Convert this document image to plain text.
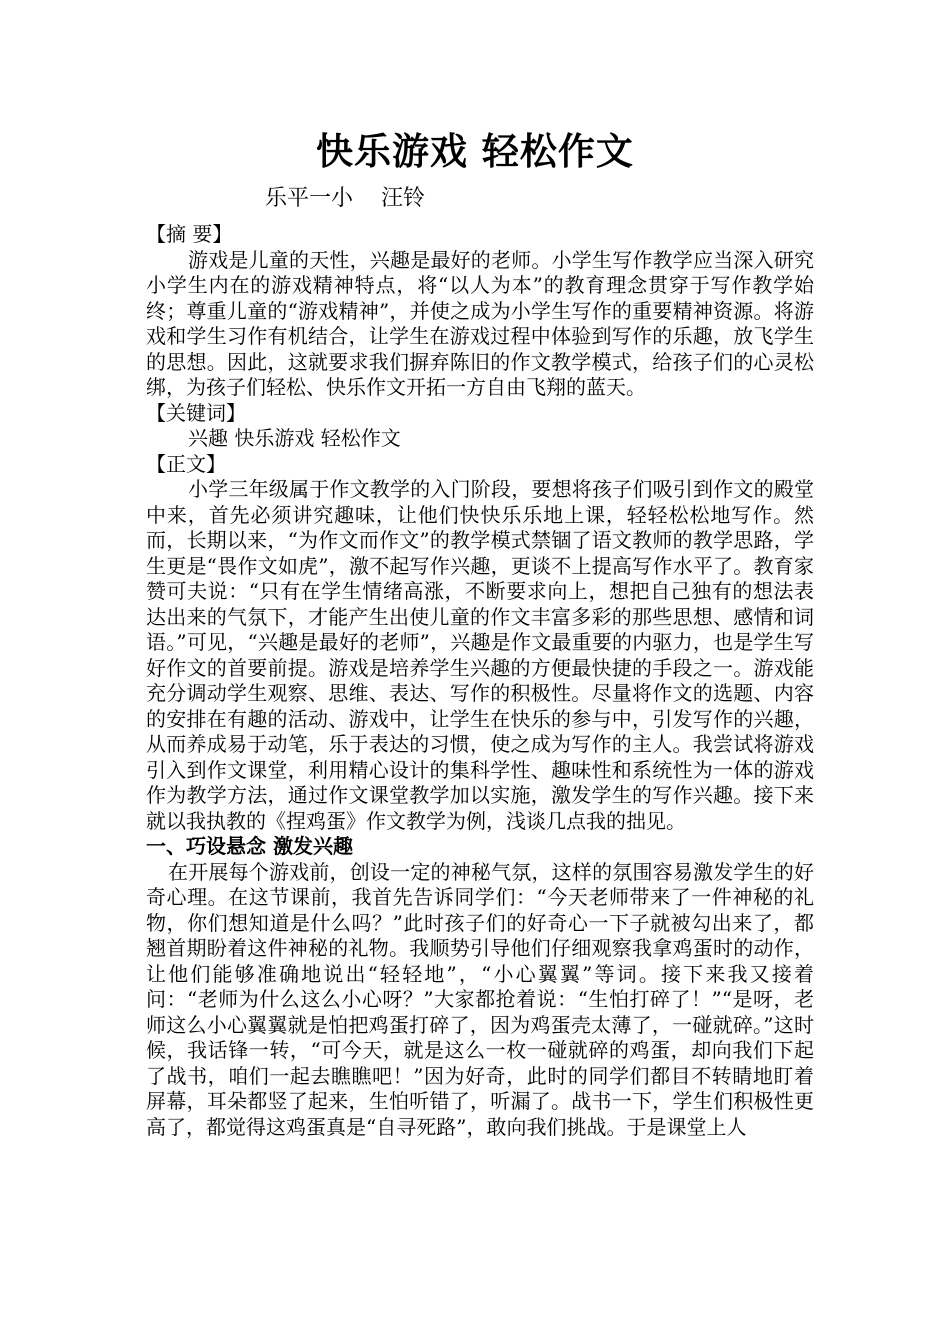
快乐游戏 轻松作文
乐平一小    汪铃

【摘 要】

游戏是儿童的天性，兴趣是最好的老师。小学生写作教学应当深入研究小学生内在的游戏精神特点，将“以人为本”的教育理念贯穿于写作教学始终；尊重儿童的“游戏精神”，并使之成为小学生写作的重要精神资源。将游戏和学生习作有机结合，让学生在游戏过程中体验到写作的乐趣，放飞学生的思想。因此，这就要求我们摒弃陈旧的作文教学模式，给孩子们的心灵松绑，为孩子们轻松、快乐作文开拓一方自由飞翔的蓝天。

【关键词】

兴趣 快乐游戏 轻松作文

【正文】

小学三年级属于作文教学的入门阶段，要想将孩子们吸引到作文的殿堂中来，首先必须讲究趣味，让他们快快乐乐地上课，轻轻松松地写作。然而，长期以来，“为作文而作文”的教学模式禁锢了语文教师的教学思路，学生更是“畏作文如虎”，激不起写作兴趣，更谈不上提高写作水平了。教育家赞可夫说：“只有在学生情绪高涨，不断要求向上，想把自己独有的想法表达出来的气氛下，才能产生出使儿童的作文丰富多彩的那些思想、感情和词语。”可见，“兴趣是最好的老师”，兴趣是作文最重要的内驱力，也是学生写好作文的首要前提。游戏是培养学生兴趣的方便最快捷的手段之一。游戏能充分调动学生观察、思维、表达、写作的积极性。尽量将作文的选题、内容的安排在有趣的活动、游戏中，让学生在快乐的参与中，引发写作的兴趣，从而养成易于动笔，乐于表达的习惯，使之成为写作的主人。我尝试将游戏引入到作文课堂，利用精心设计的集科学性、趣味性和系统性为一体的游戏作为教学方法，通过作文课堂教学加以实施，激发学生的写作兴趣。接下来就以我执教的《捏鸡蛋》作文教学为例，浅谈几点我的拙见。

一、巧设悬念 激发兴趣

在开展每个游戏前，创设一定的神秘气氛，这样的氛围容易激发学生的好奇心理。在这节课前，我首先告诉同学们：“今天老师带来了一件神秘的礼物，你们想知道是什么吗？”此时孩子们的好奇心一下子就被勾出来了，都翘首期盼着这件神秘的礼物。我顺势引导他们仔细观察我拿鸡蛋时的动作，让他们能够准确地说出“轻轻地”，“小心翼翼”等词。接下来我又接着问：“老师为什么这么小心呀？”大家都抢着说：“生怕打碎了！”“是呀，老师这么小心翼翼就是怕把鸡蛋打碎了，因为鸡蛋壳太薄了，一碰就碎。”这时候，我话锋一转，“可今天，就是这么一枚一碰就碎的鸡蛋，却向我们下起了战书，咱们一起去瞧瞧吧！”因为好奇，此时的同学们都目不转睛地盯着屏幕，耳朵都竖了起来，生怕听错了，听漏了。战书一下，学生们积极性更高了，都觉得这鸡蛋真是“自寻死路”，敢向我们挑战。于是课堂上人
